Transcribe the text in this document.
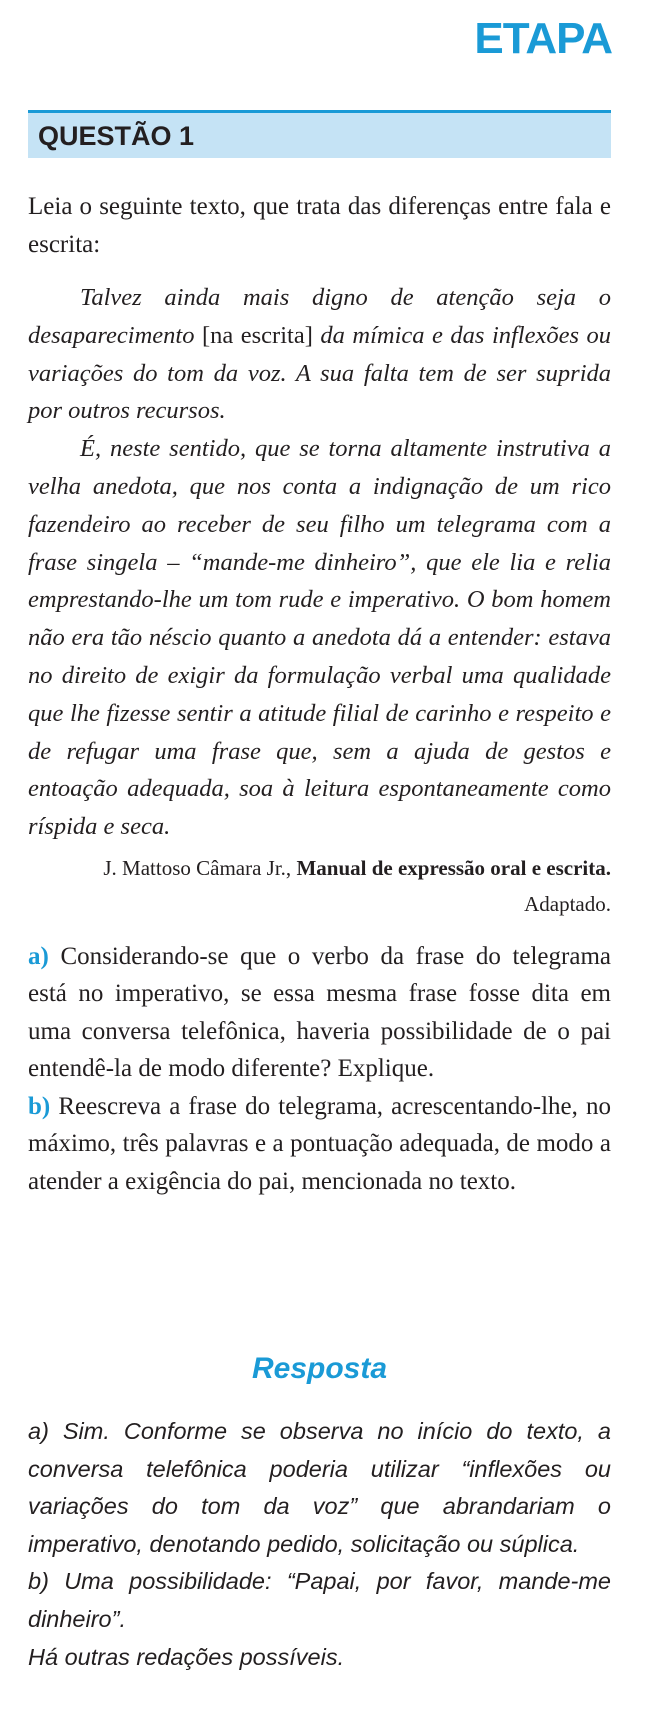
ETAPA
QUESTÃO 1

Leia o seguinte texto, que trata das diferenças entre fala e escrita:

Talvez ainda mais digno de atenção seja o desaparecimento [na escrita] da mímica e das inflexões ou variações do tom da voz. A sua falta tem de ser suprida por outros recursos.

É, neste sentido, que se torna altamente instrutiva a velha anedota, que nos conta a indignação de um rico fazendeiro ao receber de seu filho um telegrama com a frase singela – “mande-me dinheiro”, que ele lia e relia emprestando-lhe um tom rude e imperativo. O bom homem não era tão néscio quanto a anedota dá a entender: estava no direito de exigir da formulação verbal uma qualidade que lhe fizesse sentir a atitude filial de carinho e respeito e de refugar uma frase que, sem a ajuda de gestos e entoação adequada, soa à leitura espontaneamente como ríspida e seca.

J. Mattoso Câmara Jr., Manual de expressão oral e escrita. Adaptado.

a) Considerando-se que o verbo da frase do telegrama está no imperativo, se essa mesma frase fosse dita em uma conversa telefônica, haveria possibilidade de o pai entendê-la de modo diferente? Explique.

b) Reescreva a frase do telegrama, acrescentando-lhe, no máximo, três palavras e a pontuação adequada, de modo a atender a exigência do pai, mencionada no texto.

Resposta

a) Sim. Conforme se observa no início do texto, a conversa telefônica poderia utilizar “inflexões ou variações do tom da voz” que abrandariam o imperativo, denotando pedido, solicitação ou súplica.

b) Uma possibilidade: “Papai, por favor, mande-me dinheiro”.

Há outras redações possíveis.
